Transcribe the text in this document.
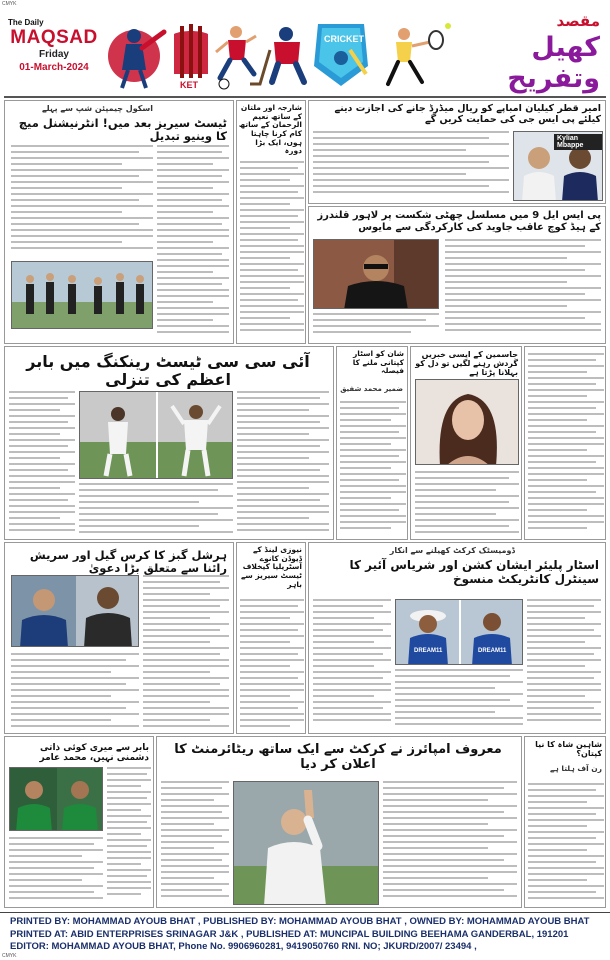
CMYK
The Daily
MAQSAD
Friday
01-March-2024
KET
CRICKET
مقصد
کھیل وتفریح
امیر قطر کیلیان امباپے کو ریال میڈرڈ جانے کی اجازت دینے کیلئے پی ایس جی کی حمایت کریں گے
Kylian Mbappe
شارجہ اور ملتان کے ساتھ نعیم الرحمان کے ساتھ کام کرنا چاہتا ہوں، ایک بڑا دورہ
اسکول چیمپئن شپ سے پہلے
ٹیسٹ سیریز بعد میں! انٹرنیشنل میچ کا وینیو تبدیل
پی ایس ایل 9 میں مسلسل چھٹی شکست پر لاہور قلندرز کے ہیڈ کوچ عاقب جاوید کی کارکردگی سے مایوس
جاسمین کے ایسی خبریں گردش رہنے لگیں تو دل کو بہلانا پڑتا ہے
شان کو اسٹار کپتانی ملنے کا فیصلہ
ضمیر محمد شفیق
آئی سی سی ٹیسٹ رینکنگ میں بابر اعظم کی تنزلی
ڈومیسٹک کرکٹ کھیلنے سے انکار
اسٹار پلیئر ایشان کشن اور شریاس آئیر کا سینٹرل کانٹریکٹ منسوخ
DREAM11	DREAM11
نیوزی لینڈ کے ڈیوڈن کانوے آسٹریلیا کیخلاف ٹیسٹ سیریز سے باہر
ہرشل گبز کا کرس گیل اور سریش رائنا سے متعلق بڑا دعویٰ
شاہین شاہ کا نیا کپتان؟
رن آف ہلتا ہے
معروف امپائرز نے کرکٹ سے ایک ساتھ ریٹائرمنٹ کا اعلان کر دیا
بابر سے میری کوئی ذاتی دشمنی نہیں، محمد عامر
PRINTED BY: MOHAMMAD AYOUB BHAT , PUBLISHED BY: MOHAMMAD AYOUB BHAT , OWNED BY: MOHAMMAD AYOUB BHAT
PRINTED AT: ABID ENTERPRISES SRINAGAR J&K , PUBLISHED AT: MUNCIPAL BUILDING BEEHAMA GANDERBAL, 191201
EDITOR: MOHAMMAD AYOUB BHAT, Phone No. 9906960281, 9419050760 RNI. NO; JKURD/2007/ 23494 ,
CMYK
